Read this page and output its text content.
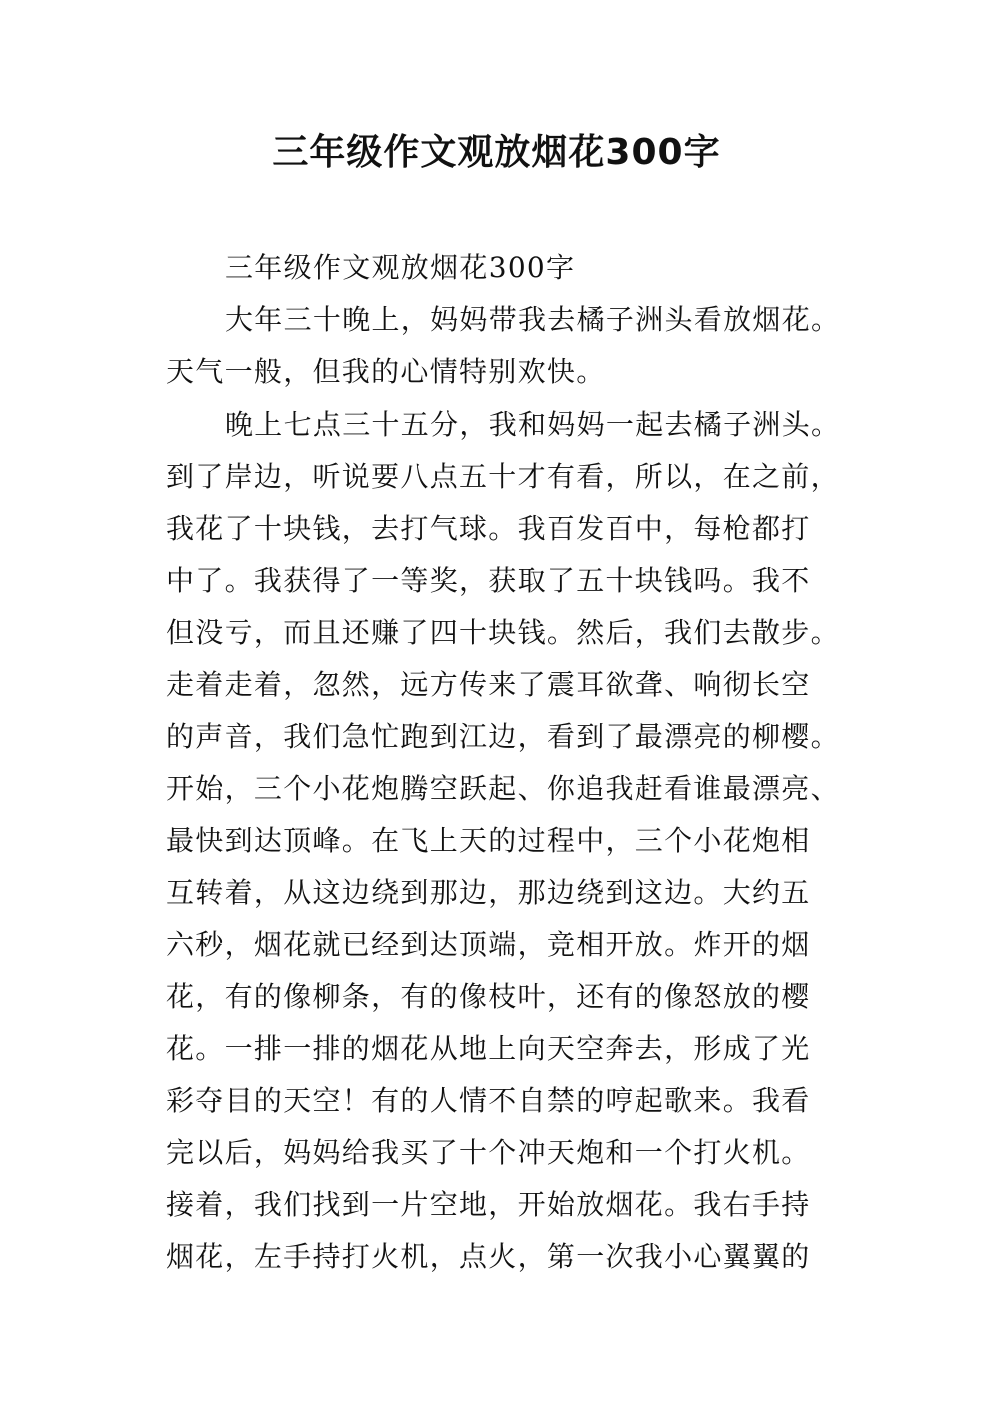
三年级作文观放烟花300字
三年级作文观放烟花300字
大年三十晚上，妈妈带我去橘子洲头看放烟花。
天气一般，但我的心情特别欢快。
晚上七点三十五分，我和妈妈一起去橘子洲头。
到了岸边，听说要八点五十才有看，所以，在之前，
我花了十块钱，去打气球。我百发百中，每枪都打
中了。我获得了一等奖，获取了五十块钱吗。我不
但没亏，而且还赚了四十块钱。然后，我们去散步。
走着走着，忽然，远方传来了震耳欲聋、响彻长空
的声音，我们急忙跑到江边，看到了最漂亮的柳樱。
开始，三个小花炮腾空跃起、你追我赶看谁最漂亮、
最快到达顶峰。在飞上天的过程中，三个小花炮相
互转着，从这边绕到那边，那边绕到这边。大约五
六秒，烟花就已经到达顶端，竞相开放。炸开的烟
花，有的像柳条，有的像枝叶，还有的像怒放的樱
花。一排一排的烟花从地上向天空奔去，形成了光
彩夺目的天空！有的人情不自禁的哼起歌来。我看
完以后，妈妈给我买了十个冲天炮和一个打火机。
接着，我们找到一片空地，开始放烟花。我右手持
烟花，左手持打火机，点火，第一次我小心翼翼的
